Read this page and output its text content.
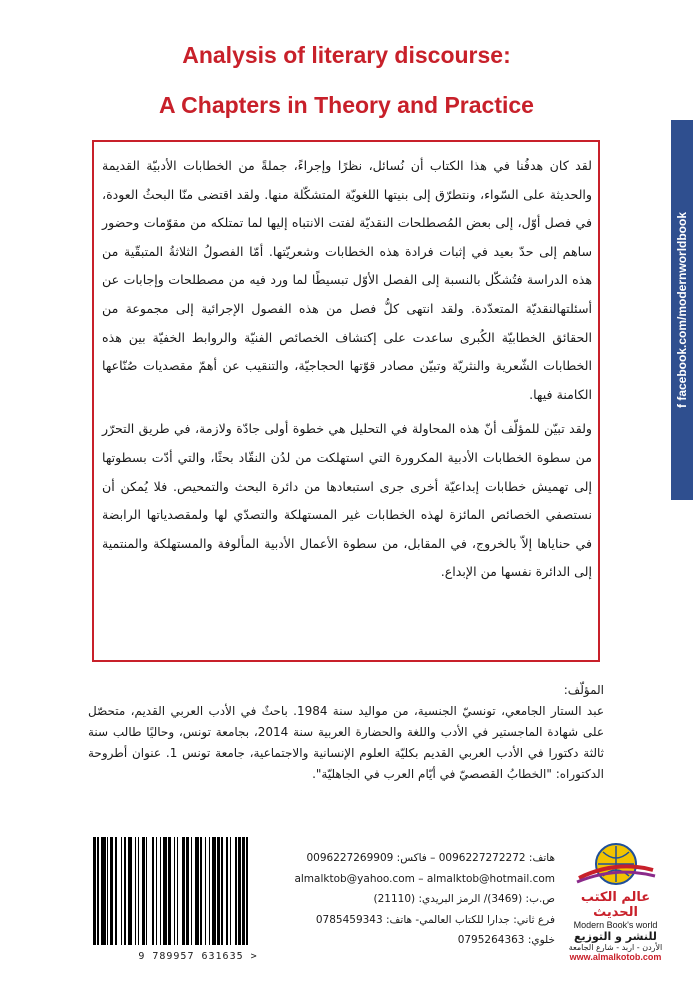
Analysis of literary discourse:
A Chapters in Theory and Practice
f facebook.com/modernworldbook

لقد كان هدفُنا في هذا الكتاب أن نُسائل، نظرًا وإجراءً، جملةً من الخطابات الأدبيّة القديمة والحديثة على السّواء، ونتطرّق إلى بنيتها اللغويّة المتشكّلة منها. ولقد اقتضى منّا البحثُ العودة، في فصل أوّل، إلى بعض المُصطلحات النقديّة لفتت الانتباه إليها لما تمتلكه من مقوّمات وحضور ساهم إلى حدّ بعيد في إثبات فرادة هذه الخطابات وشعريّتها. أمّا الفصولُ الثلاثةُ المتبقّية من هذه الدراسة فتُشكّل بالنسبة إلى الفصل الأوّل تبسيطًا لما ورد فيه من مصطلحات وإجابات عن أسئلتهالنقديّة المتعدّدة. ولقد انتهى كلُّ فصل من هذه الفصول الإجرائية إلى مجموعة من الحقائق الخطابيّة الكُبرى ساعدت على إكتشاف الخصائص الفنيّة والروابط الخفيّة بين هذه الخطابات الشّعرية والنثريّة وتبيّن مصادر قوّتها الحجاجيّة، والتنقيب عن أهمّ مقصديات صُنّاعها الكامنة فيها.

ولقد تبيّن للمؤلّف أنّ هذه المحاولة في التحليل هي خطوة أولى جادّة ولازمة، في طريق التحرّر من سطوة الخطابات الأدبية المكرورة التي استهلكت من لدُن النقّاد بحثًا، والتي أدّت بسطوتها إلى تهميش خطابات إبداعيّة أخرى جرى استبعادها من دائرة البحث والتمحيص. فلا يُمكن أن نستصفي الخصائص المائزة لهذه الخطابات غير المستهلكة والتصدّي لها ولمقصدياتها الرابضة في حناياها إلاّ بالخروج، في المقابل، من سطوة الأعمال الأدبية المألوفة والمستهلكة والمنتمية إلى الدائرة نفسها من الإبداع.

المؤلّف:
عبد الستار الجامعي، تونسيّ الجنسية، من مواليد سنة 1984. باحثٌ في الأدب العربي القديم، متحصّل على شهادة الماجستير في الأدب واللغة والحضارة العربية سنة 2014، بجامعة تونس، وحاليًا طالب سنة ثالثة دكتورا في الأدب العربي القديم بكليّة العلوم الإنسانية والاجتماعية، جامعة تونس 1. عنوان أطروحة الدكتوراه: "الخطابُ القصصيّ في أيّام العرب في الجاهليّة".
9 789957 631635 >
هاتف: 0096227272272 – فاكس: 0096227269909
almalktob@yahoo.com – almalktob@hotmail.com
ص.ب: (3469)/ الرمز البريدي: (21110)
فرع ثاني: جدارا للكتاب العالمي- هاتف: 0785459343
خلوي: 0795264363
عالم الكتب الحديث
Modern Book's world
للنشر و التوزيع
الأردن - اربد - شارع الجامعة
www.almalkotob.com
